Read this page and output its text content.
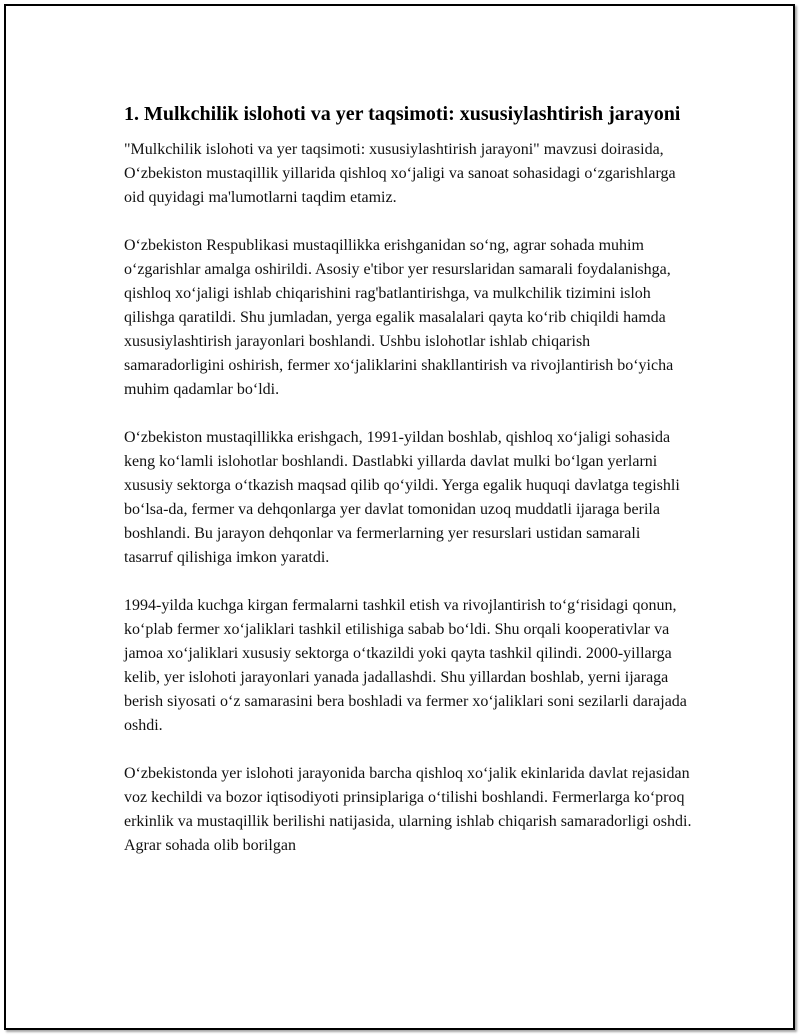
1. Mulkchilik islohoti va yer taqsimoti: xususiylashtirish jarayoni

"Mulkchilik islohoti va yer taqsimoti: xususiylashtirish jarayoni" mavzusi doirasida, O‘zbekiston mustaqillik yillarida qishloq xo‘jaligi va sanoat sohasidagi o‘zgarishlarga oid quyidagi ma'lumotlarni taqdim etamiz.

O‘zbekiston Respublikasi mustaqillikka erishganidan so‘ng, agrar sohada muhim o‘zgarishlar amalga oshirildi. Asosiy e'tibor yer resurslaridan samarali foydalanishga, qishloq xo‘jaligi ishlab chiqarishini rag'batlantirishga, va mulkchilik tizimini isloh qilishga qaratildi. Shu jumladan, yerga egalik masalalari qayta ko‘rib chiqildi hamda xususiylashtirish jarayonlari boshlandi. Ushbu islohotlar ishlab chiqarish samaradorligini oshirish, fermer xo‘jaliklarini shakllantirish va rivojlantirish bo‘yicha muhim qadamlar bo‘ldi.

O‘zbekiston mustaqillikka erishgach, 1991-yildan boshlab, qishloq xo‘jaligi sohasida keng ko‘lamli islohotlar boshlandi. Dastlabki yillarda davlat mulki bo‘lgan yerlarni xususiy sektorga o‘tkazish maqsad qilib qo‘yildi. Yerga egalik huquqi davlatga tegishli bo‘lsa-da, fermer va dehqonlarga yer davlat tomonidan uzoq muddatli ijaraga berila boshlandi. Bu jarayon dehqonlar va fermerlarning yer resurslari ustidan samarali tasarruf qilishiga imkon yaratdi.

1994-yilda kuchga kirgan fermalarni tashkil etish va rivojlantirish to‘g‘risidagi qonun, ko‘plab fermer xo‘jaliklari tashkil etilishiga sabab bo‘ldi. Shu orqali kooperativlar va jamoa xo‘jaliklari xususiy sektorga o‘tkazildi yoki qayta tashkil qilindi. 2000-yillarga kelib, yer islohoti jarayonlari yanada jadallashdi. Shu yillardan boshlab, yerni ijaraga berish siyosati o‘z samarasini bera boshladi va fermer xo‘jaliklari soni sezilarli darajada oshdi.

O‘zbekistonda yer islohoti jarayonida barcha qishloq xo‘jalik ekinlarida davlat rejasidan voz kechildi va bozor iqtisodiyoti prinsiplariga o‘tilishi boshlandi. Fermerlarga ko‘proq erkinlik va mustaqillik berilishi natijasida, ularning ishlab chiqarish samaradorligi oshdi. Agrar sohada olib borilgan
